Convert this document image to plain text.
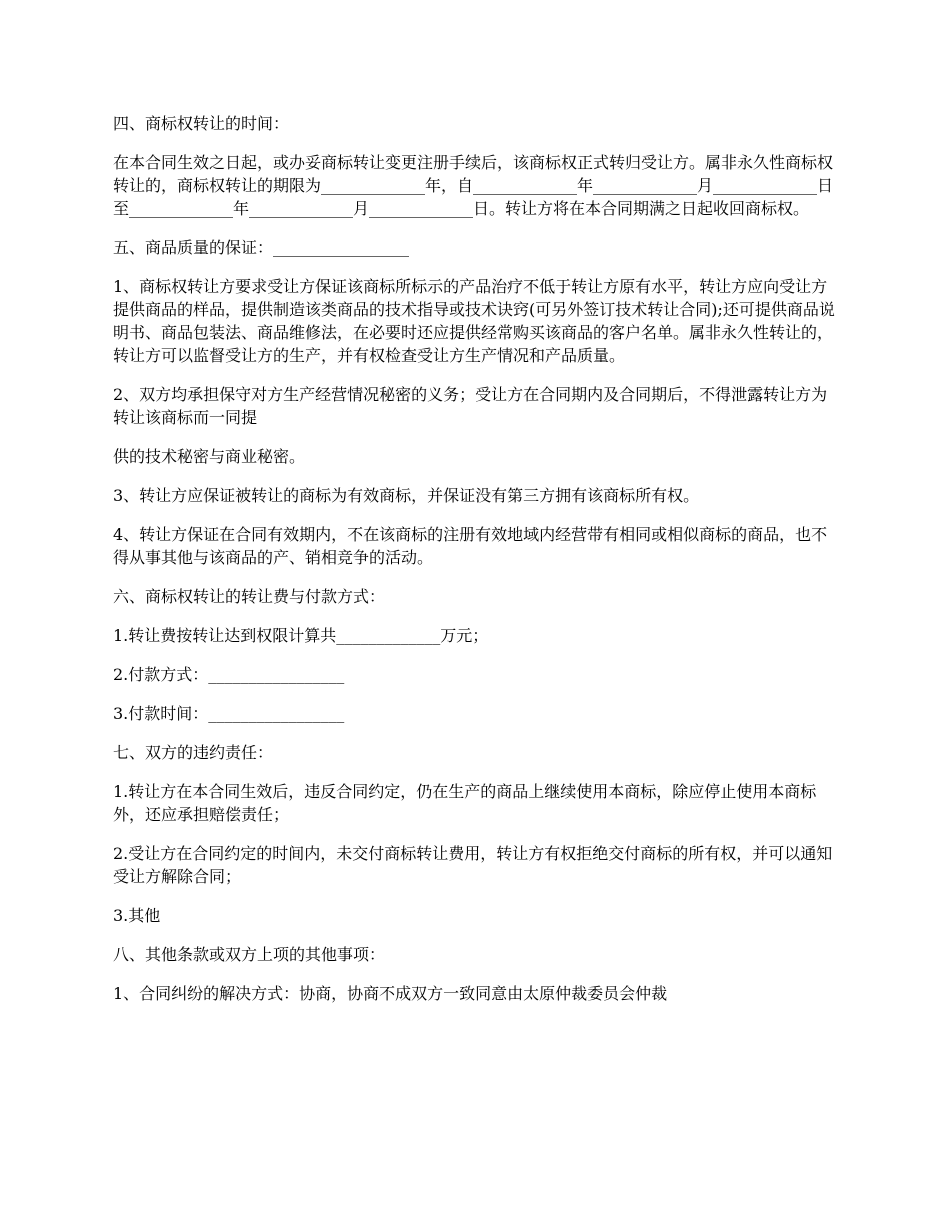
四、商标权转让的时间：

在本合同生效之日起，或办妥商标转让变更注册手续后，该商标权正式转归受让方。属非永久性商标权转让的，商标权转让的期限为_____________年，自_____________年_____________月_____________日至_____________年_____________月_____________日。转让方将在本合同期满之日起收回商标权。

五、商品质量的保证：_________________

1、商标权转让方要求受让方保证该商标所标示的产品治疗不低于转让方原有水平，转让方应向受让方提供商品的样品，提供制造该类商品的技术指导或技术诀窍(可另外签订技术转让合同);还可提供商品说明书、商品包装法、商品维修法，在必要时还应提供经常购买该商品的客户名单。属非永久性转让的，转让方可以监督受让方的生产，并有权检查受让方生产情况和产品质量。

2、双方均承担保守对方生产经营情况秘密的义务；受让方在合同期内及合同期后，不得泄露转让方为转让该商标而一同提

供的技术秘密与商业秘密。

3、转让方应保证被转让的商标为有效商标，并保证没有第三方拥有该商标所有权。

4、转让方保证在合同有效期内，不在该商标的注册有效地域内经营带有相同或相似商标的商品，也不得从事其他与该商品的产、销相竞争的活动。

六、商标权转让的转让费与付款方式：

1.转让费按转让达到权限计算共_____________万元；

2.付款方式：_________________

3.付款时间：_________________

七、双方的违约责任：

1.转让方在本合同生效后，违反合同约定，仍在生产的商品上继续使用本商标，除应停止使用本商标外，还应承担赔偿责任；

2.受让方在合同约定的时间内，未交付商标转让费用，转让方有权拒绝交付商标的所有权，并可以通知受让方解除合同；

3.其他

八、其他条款或双方上项的其他事项：

1、合同纠纷的解决方式：协商，协商不成双方一致同意由太原仲裁委员会仲裁
